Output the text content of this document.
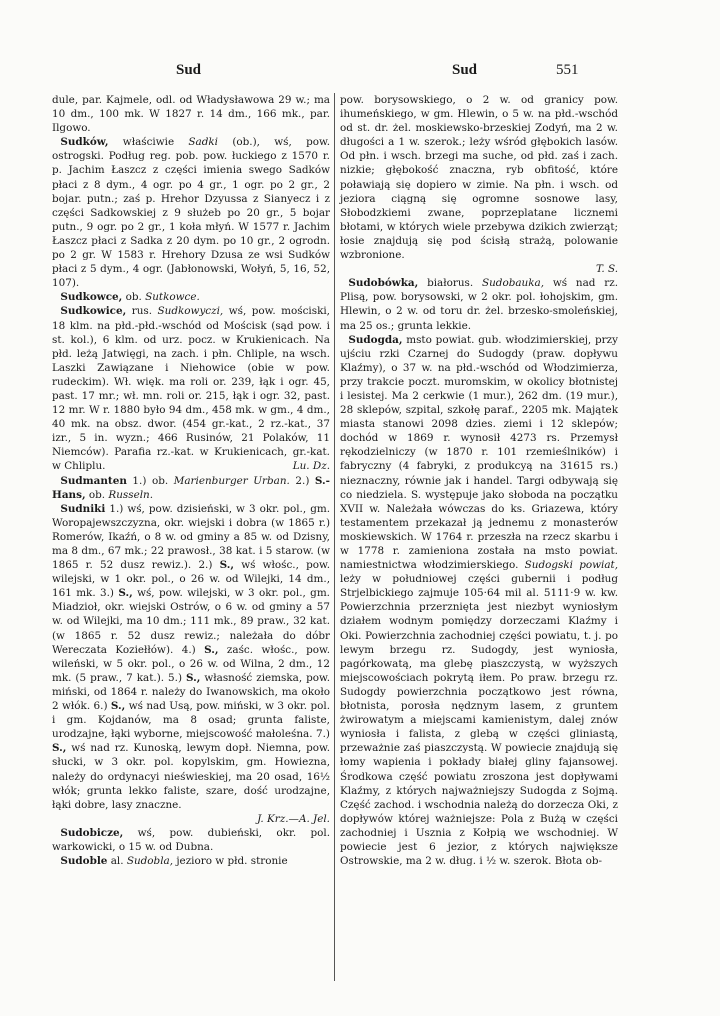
Sud	Sud	551

dule, par. Kajmele, odl. od Władysławowa 29 w.; ma 10 dm., 100 mk. W 1827 r. 14 dm., 166 mk., par. Ilgowo.

Sudków, właściwie Sadki (ob.), wś, pow. ostrogski. Podług reg. pob. pow. łuckiego z 1570 r. p. Jachim Łaszcz z części imienia swego Sadków płaci z 8 dym., 4 ogr. po 4 gr., 1 ogr. po 2 gr., 2 bojar. putn.; zaś p. Hrehor Dzyussa z Sianyecz i z części Sadkowskiej z 9 służeb po 20 gr., 5 bojar putn., 9 ogr. po 2 gr., 1 koła młyń. W 1577 r. Jachim Łaszcz płaci z Sadka z 20 dym. po 10 gr., 2 ogrodn. po 2 gr. W 1583 r. Hrehory Dzusa ze wsi Sudków płaci z 5 dym., 4 ogr. (Jabłonowski, Wołyń, 5, 16, 52, 107).

Sudkowce, ob. Sutkowce.

Sudkowice, rus. Sudkowyczi, wś, pow. mościski, 18 klm. na płd.-płd.-wschód od Mościsk (sąd pow. i st. kol.), 6 klm. od urz. pocz. w Krukienicach. Na płd. leżą Jatwięgi, na zach. i płn. Chliple, na wsch. Laszki Zawiązane i Niehowice (obie w pow. rudeckim). Wł. więk. ma roli or. 239, łąk i ogr. 45, past. 17 mr.; wł. mn. roli or. 215, łąk i ogr. 32, past. 12 mr. W r. 1880 było 94 dm., 458 mk. w gm., 4 dm., 40 mk. na obsz. dwor. (454 gr.-kat., 2 rz.-kat., 37 izr., 5 in. wyzn.; 466 Rusinów, 21 Polaków, 11 Niemców). Parafia rz.-kat. w Krukienicach, gr.-kat. w Chliplu.	Lu. Dz.

Sudmanten 1.) ob. Marienburger Urban. 2.) S.-Hans, ob. Russeln.

Sudniki 1.) wś, pow. dzisieński, w 3 okr. pol., gm. Woropajewszczyzna, okr. wiejski i dobra (w 1865 r.) Romerów, Ikaźń, o 8 w. od gminy a 85 w. od Dzisny, ma 8 dm., 67 mk.; 22 prawosł., 38 kat. i 5 starow. (w 1865 r. 52 dusz rewiz.). 2.) S., wś włośc., pow. wilejski, w 1 okr. pol., o 26 w. od Wilejki, 14 dm., 161 mk. 3.) S., wś, pow. wilejski, w 3 okr. pol., gm. Miadzioł, okr. wiejski Ostrów, o 6 w. od gminy a 57 w. od Wilejki, ma 10 dm.; 111 mk., 89 praw., 32 kat. (w 1865 r. 52 dusz rewiz.; należała do dóbr Wereczata Koziełłów). 4.) S., zaśc. włośc., pow. wileński, w 5 okr. pol., o 26 w. od Wilna, 2 dm., 12 mk. (5 praw., 7 kat.). 5.) S., własność ziemska, pow. miński, od 1864 r. należy do Iwanowskich, ma około 2 włók. 6.) S., wś nad Usą, pow. miński, w 3 okr. pol. i gm. Kojdanów, ma 8 osad; grunta faliste, urodzajne, łąki wyborne, miejscowość małoleśna. 7.) S., wś nad rz. Kunoską, lewym dopł. Niemna, pow. słucki, w 3 okr. pol. kopylskim, gm. Howiezna, należy do ordynacyi nieświeskiej, ma 20 osad, 16½ włók; grunta lekko faliste, szare, dość urodzajne, łąki dobre, lasy znaczne.

J. Krz.—A. Jel.

Sudobicze, wś, pow. dubieński, okr. pol. warkowicki, o 15 w. od Dubna.

Sudoble al. Sudobla, jezioro w płd. stronie

pow. borysowskiego, o 2 w. od granicy pow. ihumeńskiego, w gm. Hlewin, o 5 w. na płd.-wschód od st. dr. żel. moskiewsko-brzeskiej Zodyń, ma 2 w. długości a 1 w. szerok.; leży wśród głębokich lasów. Od płn. i wsch. brzegi ma suche, od płd. zaś i zach. nizkie; głębokość znaczna, ryb obfitość, które poławiają się dopiero w zimie. Na płn. i wsch. od jeziora ciągną się ogromne sosnowe lasy, Słobodzkiemi zwane, poprzeplatane licznemi błotami, w których wiele przebywa dzikich zwierząt; łosie znajdują się pod ścisłą strażą, polowanie wzbronione.

T. S.

Sudobówka, białorus. Sudobauka, wś nad rz. Plisą, pow. borysowski, w 2 okr. pol. łohojskim, gm. Hlewin, o 2 w. od toru dr. żel. brzesko-smoleńskiej, ma 25 os.; grunta lekkie.

Sudogda, msto powiat. gub. włodzimierskiej, przy ujściu rzki Czarnej do Sudogdy (praw. dopływu Klaźmy), o 37 w. na płd.-wschód od Włodzimierza, przy trakcie poczt. muromskim, w okolicy błotnistej i lesistej. Ma 2 cerkwie (1 mur.), 262 dm. (19 mur.), 28 sklepów, szpital, szkołę paraf., 2205 mk. Majątek miasta stanowi 2098 dzies. ziemi i 12 sklepów; dochód w 1869 r. wynosił 4273 rs. Przemysł rękodzielniczy (w 1870 r. 101 rzemieślników) i fabryczny (4 fabryki, z produkcyą na 31615 rs.) nieznaczny, równie jak i handel. Targi odbywają się co niedziela. S. występuje jako słoboda na początku XVII w. Należała wówczas do ks. Griazewa, który testamentem przekazał ją jednemu z monasterów moskiewskich. W 1764 r. przeszła na rzecz skarbu i w 1778 r. zamieniona została na msto powiat. namiestnictwa włodzimierskiego. Sudogski powiat, leży w południowej części gubernii i podług Strjelbickiego zajmuje 105·64 mil al. 5111·9 w. kw. Powierzchnia przerznięta jest niezbyt wyniosłym działem wodnym pomiędzy dorzeczami Klaźmy i Oki. Powierzchnia zachodniej części powiatu, t. j. po lewym brzegu rz. Sudogdy, jest wyniosła, pagórkowatą, ma glebę piaszczystą, w wyższych miejscowościach pokrytą iłem. Po praw. brzegu rz. Sudogdy powierzchnia początkowo jest równa, błotnista, porosła nędznym lasem, z gruntem żwirowatym a miejscami kamienistym, dalej znów wyniosła i falista, z glebą w części gliniastą, przeważnie zaś piaszczystą. W powiecie znajdują się łomy wapienia i pokłady białej gliny fajansowej. Środkowa część powiatu zroszona jest dopływami Klaźmy, z których najważniejszy Sudogda z Sojmą. Część zachod. i wschodnia należą do dorzecza Oki, z dopływów której ważniejsze: Pola z Bużą w części zachodniej i Usznia z Kołpią we wschodniej. W powiecie jest 6 jezior, z których największe Ostrowskie, ma 2 w. dług. i ½ w. szerok. Błota ob-
